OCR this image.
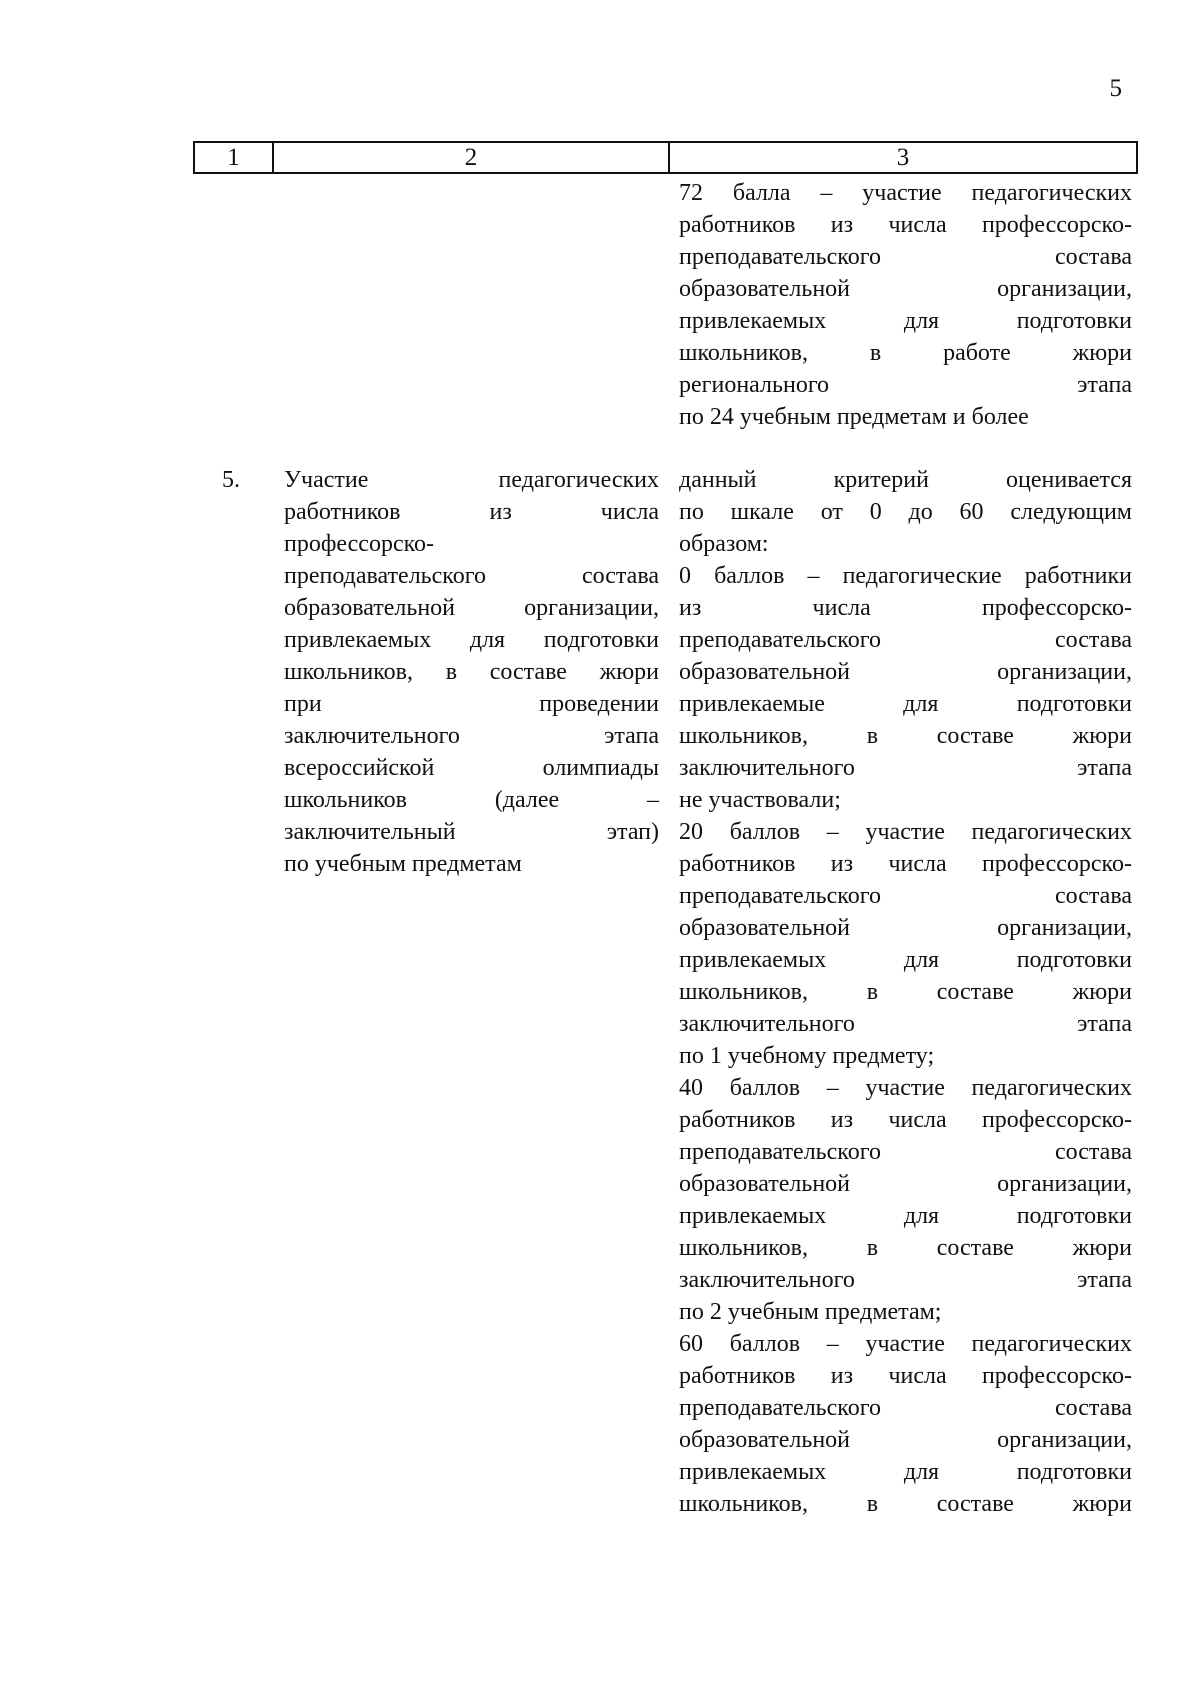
5
1	2	3
72 балла – участие педагогических
работников из числа профессорско-
преподавательского состава
образовательной организации,
привлекаемых для подготовки
школьников, в работе жюри
регионального этапа
по 24 учебным предметам и более
5. Участие педагогических
работников из числа
профессорско-
преподавательского состава
образовательной организации,
привлекаемых для подготовки
школьников, в составе жюри
при проведении
заключительного этапа
всероссийской олимпиады
школьников (далее –
заключительный этап)
по учебным предметам
данный критерий оценивается
по шкале от 0 до 60 следующим
образом:
0 баллов – педагогические работники
из числа профессорско-
преподавательского состава
образовательной организации,
привлекаемые для подготовки
школьников, в составе жюри
заключительного этапа
не участвовали;
20 баллов – участие педагогических
работников из числа профессорско-
преподавательского состава
образовательной организации,
привлекаемых для подготовки
школьников, в составе жюри
заключительного этапа
по 1 учебному предмету;
40 баллов – участие педагогических
работников из числа профессорско-
преподавательского состава
образовательной организации,
привлекаемых для подготовки
школьников, в составе жюри
заключительного этапа
по 2 учебным предметам;
60 баллов – участие педагогических
работников из числа профессорско-
преподавательского состава
образовательной организации,
привлекаемых для подготовки
школьников, в составе жюри
